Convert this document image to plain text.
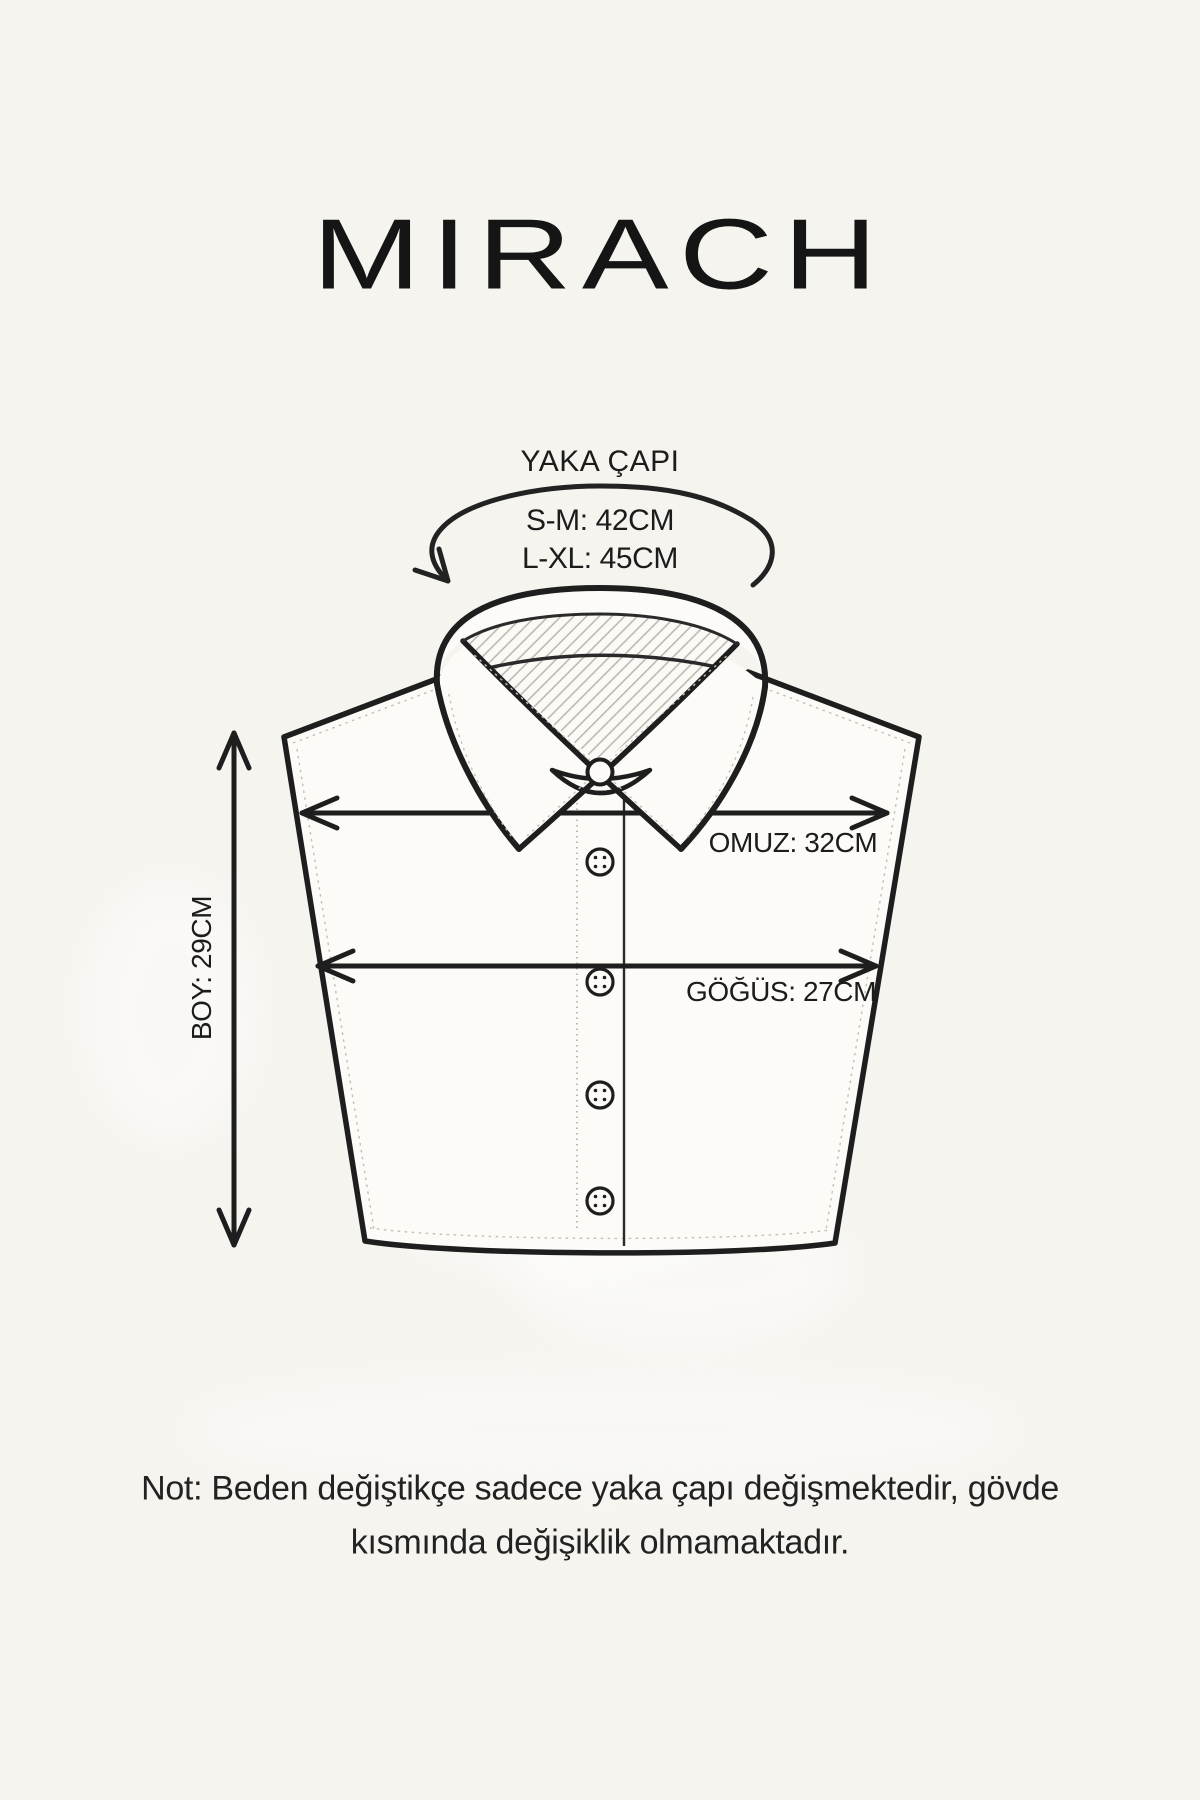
MIRACH
YAKA ÇAPI
S-M: 42CM
L-XL: 45CM
OMUZ: 32CM
GÖĞÜS: 27CM
BOY: 29CM
Not: Beden değiştikçe sadece yaka çapı değişmektedir, gövde
kısmında değişiklik olmamaktadır.
